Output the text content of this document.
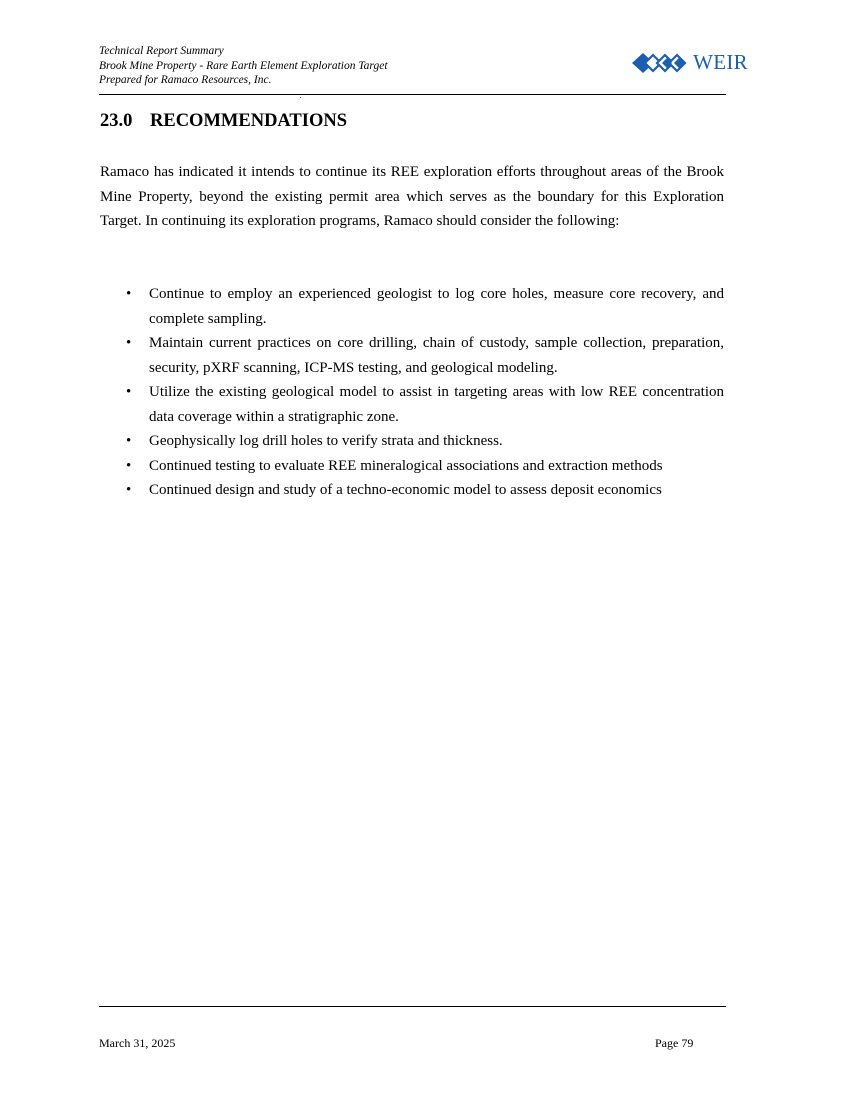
Technical Report Summary
Brook Mine Property - Rare Earth Element Exploration Target
Prepared for Ramaco Resources, Inc.
WEIR
23.0 RECOMMENDATIONS

Ramaco has indicated it intends to continue its REE exploration efforts throughout areas of the Brook Mine Property, beyond the existing permit area which serves as the boundary for this Exploration Target. In continuing its exploration programs, Ramaco should consider the following:

• Continue to employ an experienced geologist to log core holes, measure core recovery, and complete sampling.
• Maintain current practices on core drilling, chain of custody, sample collection, preparation, security, pXRF scanning, ICP-MS testing, and geological modeling.
• Utilize the existing geological model to assist in targeting areas with low REE concentration data coverage within a stratigraphic zone.
• Geophysically log drill holes to verify strata and thickness.
• Continued testing to evaluate REE mineralogical associations and extraction methods
• Continued design and study of a techno-economic model to assess deposit economics
March 31, 2025	Page 79
